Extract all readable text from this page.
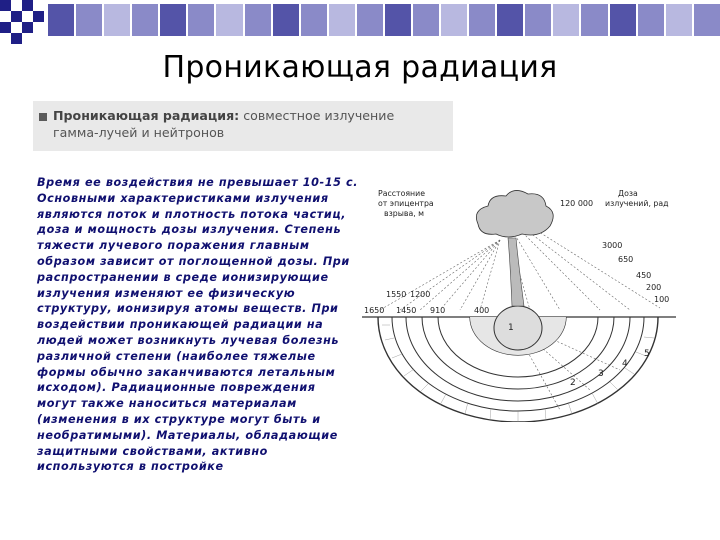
Проникающая радиация
Проникающая радиация: совместное излучение
гамма-лучей и нейтронов
Время ее воздействия не превышает 10-15 с. Основными характеристиками излучения являются поток и плотность потока частиц, доза и мощность дозы излучения. Степень тяжести лучевого поражения главным образом зависит от поглощенной дозы. При распространении в среде ионизирующие излучения изменяют ее физическую структуру, ионизируя атомы веществ. При воздействии проникающей радиации на людей может возникнуть лучевая болезнь различной степени (наиболее тяжелые формы обычно заканчиваются летальным исходом). Радиационные повреждения могут также наноситься материалам (изменения в их структуре могут быть и необратимыми). Материалы, обладающие защитными свойствами, активно используются в постройке
Расстояние
от эпицентра
взрыва, м
Доза
излучений, рад
120 000
3000
650
450
200
100
1550 1200
1650 1450 910	400
1
2
3
4
5
